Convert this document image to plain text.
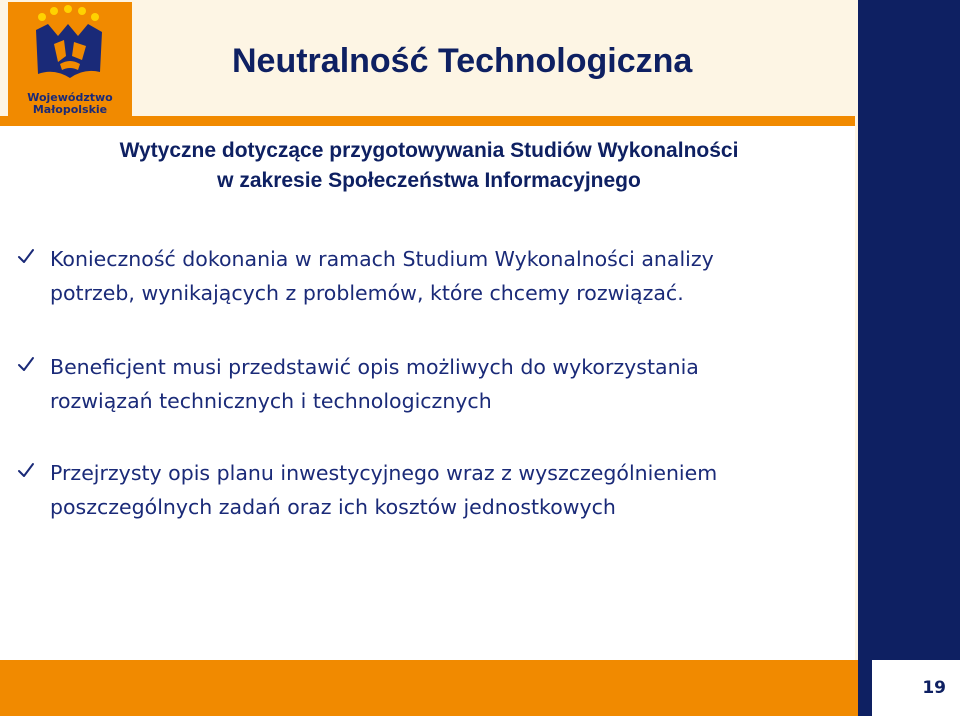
Województwo
Małopolskie
Neutralność Technologiczna
Wytyczne dotyczące przygotowywania Studiów Wykonalności
w zakresie Społeczeństwa Informacyjnego
Konieczność dokonania w ramach Studium Wykonalności analizy
potrzeb, wynikających z problemów, które chcemy rozwiązać.
Beneficjent musi przedstawić opis możliwych do wykorzystania
rozwiązań technicznych i technologicznych
Przejrzysty opis planu inwestycyjnego wraz z wyszczególnieniem
poszczególnych zadań oraz ich kosztów jednostkowych
19
